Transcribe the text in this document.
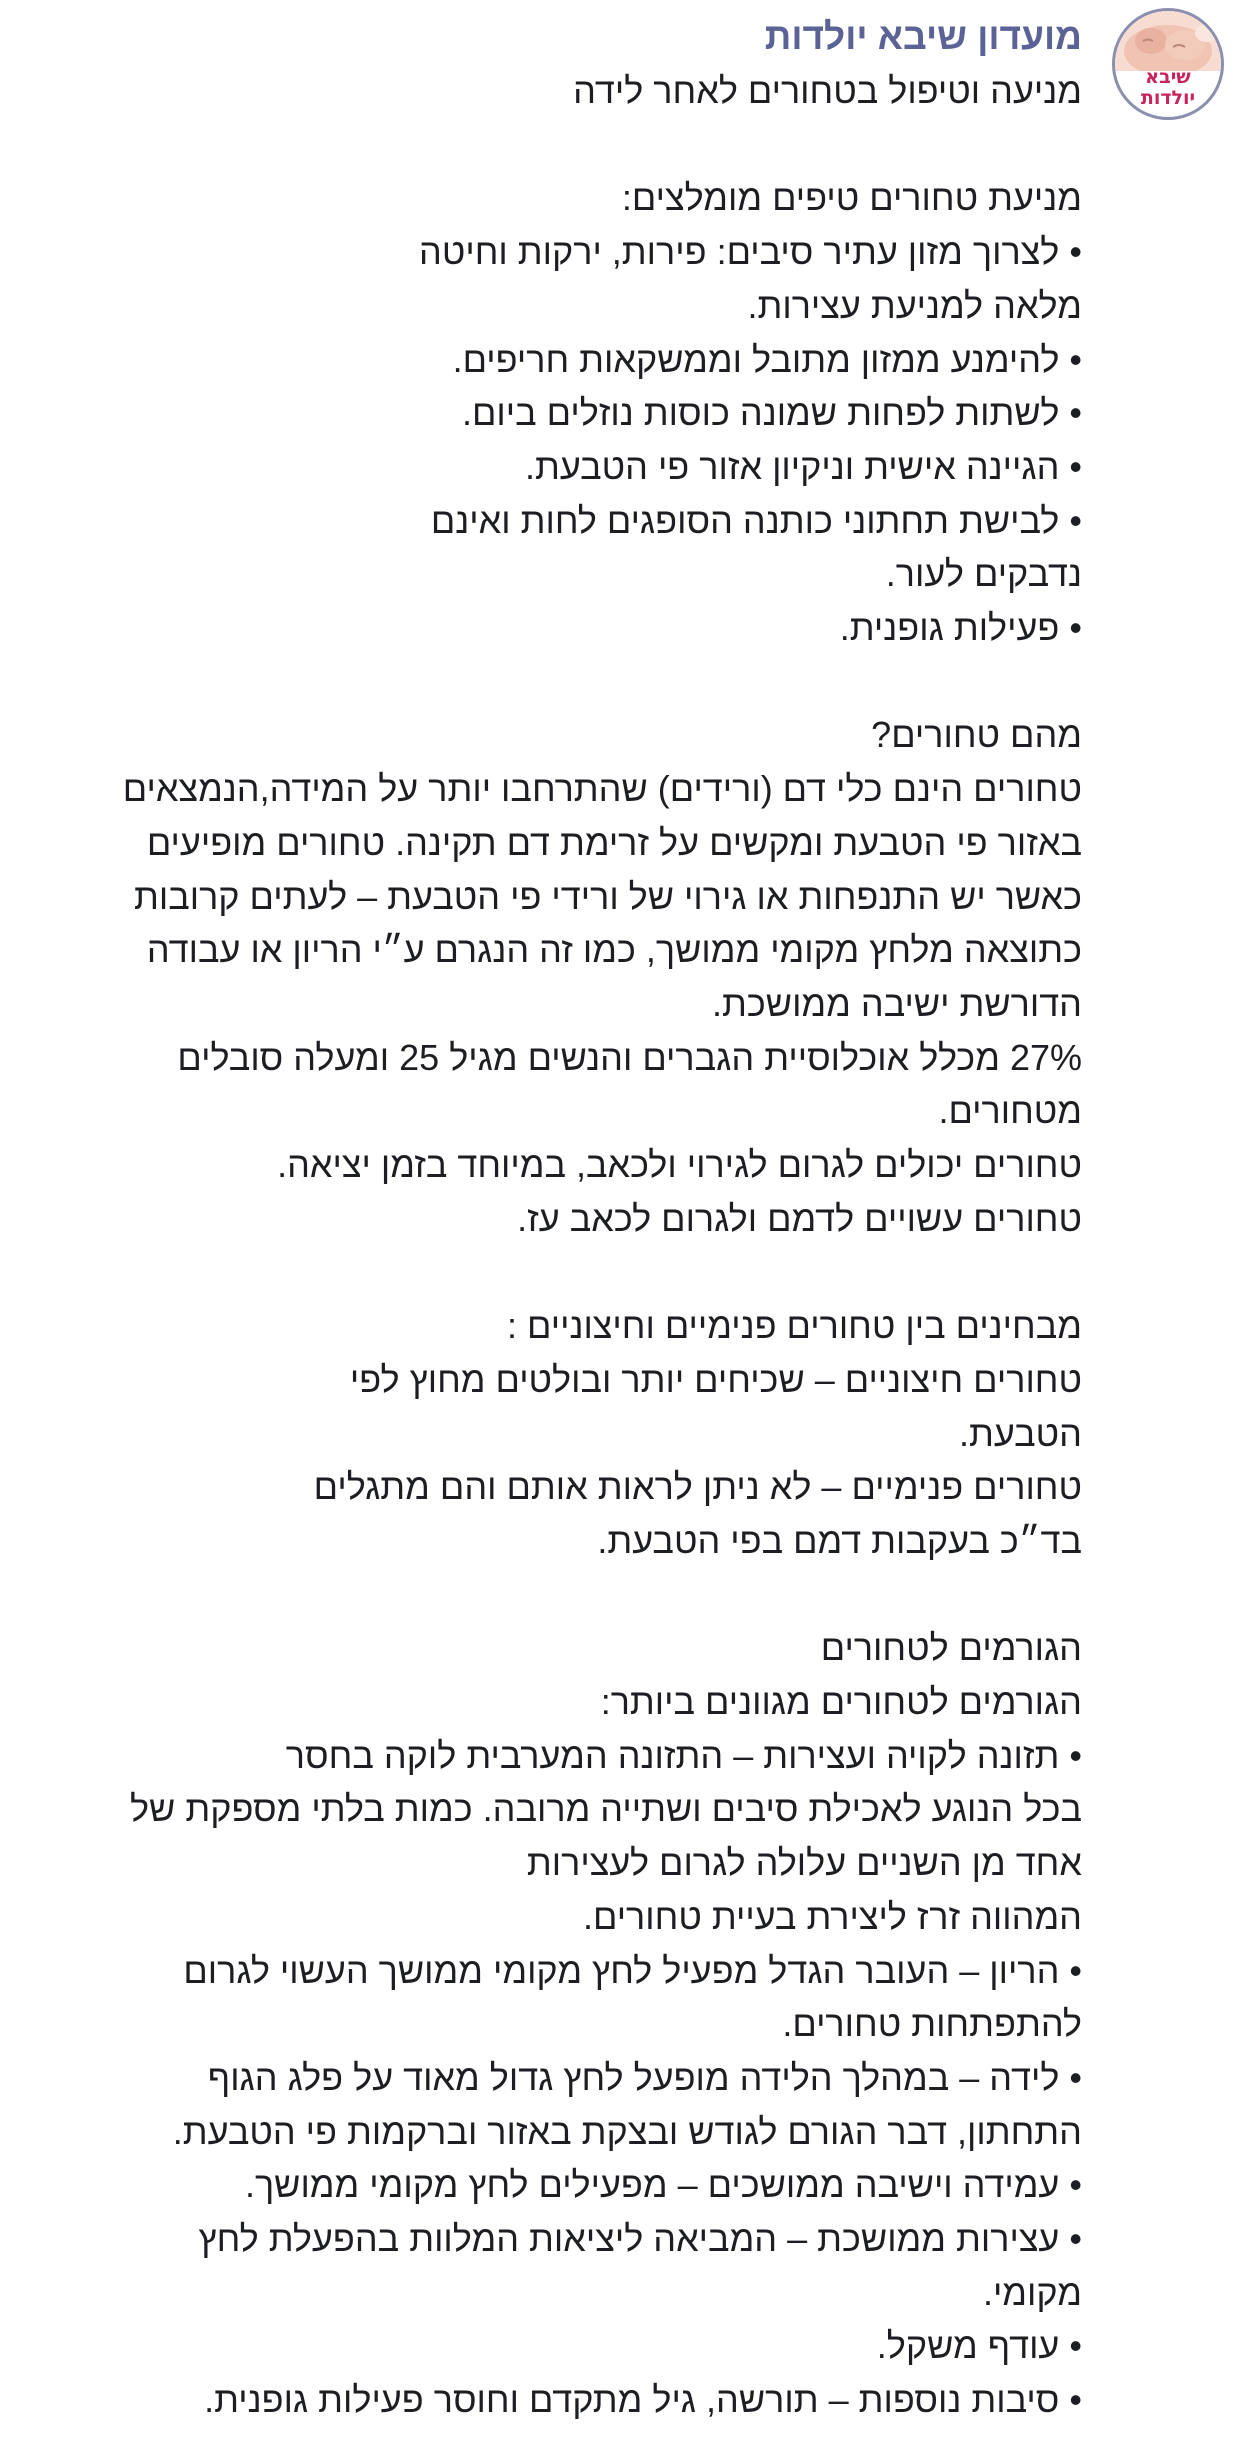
שיבא
יולדות
מועדון שיבא יולדות

מניעה וטיפול בטחורים לאחר לידה

מניעת טחורים טיפים מומלצים:

• לצרוך מזון עתיר סיבים: פירות, ירקות וחיטה

מלאה למניעת עצירות.

• להימנע ממזון מתובל וממשקאות חריפים.

• לשתות לפחות שמונה כוסות נוזלים ביום.

• הגיינה אישית וניקיון אזור פי הטבעת.

• לבישת תחתוני כותנה הסופגים לחות ואינם

נדבקים לעור.

• פעילות גופנית.

מהם טחורים?

טחורים הינם כלי דם (ורידים) שהתרחבו יותר על המידה,הנמצאים

באזור פי הטבעת ומקשים על זרימת דם תקינה. טחורים מופיעים

כאשר יש התנפחות או גירוי של ורידי פי הטבעת – לעתים קרובות

כתוצאה מלחץ מקומי ממושך, כמו זה הנגרם ע״י הריון או עבודה

הדורשת ישיבה ממושכת.

27% מכלל אוכלוסיית הגברים והנשים מגיל 25 ומעלה סובלים

מטחורים.

טחורים יכולים לגרום לגירוי ולכאב, במיוחד בזמן יציאה.

טחורים עשויים לדמם ולגרום לכאב עז.

מבחינים בין טחורים פנימיים וחיצוניים :

טחורים חיצוניים – שכיחים יותר ובולטים מחוץ לפי

הטבעת.

טחורים פנימיים – לא ניתן לראות אותם והם מתגלים

בד״כ בעקבות דמם בפי הטבעת.

הגורמים לטחורים

הגורמים לטחורים מגוונים ביותר:

• תזונה לקויה ועצירות – התזונה המערבית לוקה בחסר

בכל הנוגע לאכילת סיבים ושתייה מרובה. כמות בלתי מספקת של

אחד מן השניים עלולה לגרום לעצירות

המהווה זרז ליצירת בעיית טחורים.

• הריון – העובר הגדל מפעיל לחץ מקומי ממושך העשוי לגרום

להתפתחות טחורים.

• לידה – במהלך הלידה מופעל לחץ גדול מאוד על פלג הגוף

התחתון, דבר הגורם לגודש ובצקת באזור וברקמות פי הטבעת.

• עמידה וישיבה ממושכים – מפעילים לחץ מקומי ממושך.

• עצירות ממושכת – המביאה ליציאות המלוות בהפעלת לחץ

מקומי.

• עודף משקל.

• סיבות נוספות – תורשה, גיל מתקדם וחוסר פעילות גופנית.
